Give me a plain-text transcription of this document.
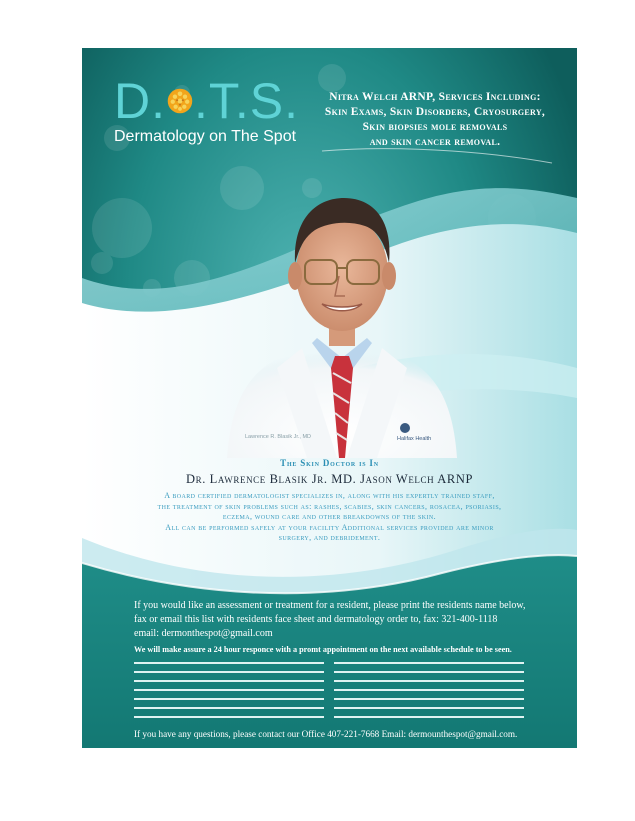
D. .T.S.
Dermatology on The Spot
Nitra Welch ARNP, Services Including:
Skin Exams, Skin Disorders, Cryosurgery,
Skin biopsies mole removals
and skin cancer removal.
Lawrence R. Blasik Jr., MD	Halifax Health
The Skin Doctor is In
Dr. Lawrence Blasik Jr. MD. Jason Welch ARNP
A board certified dermatologist specializes in, along with his expertly trained staff,
the treatment of skin problems such as: rashes, scabies, skin cancers, rosacea, psoriasis,
eczema, wound care and other breakdowns of the skin.
All can be performed safely at your facility Additional services provided are minor
surgery, and debridement.
If you would like an assessment or treatment for a resident, please print the residents name below,
fax or email this list with residents face sheet and dermatology order to, fax: 321-400-1118
email: dermonthespot@gmail.com
We will make assure a 24 hour responce with a promt appointment on the next available schedule to be seen.
If you have any questions, please contact our Office 407-221-7668 Email: dermounthespot@gmail.com.
